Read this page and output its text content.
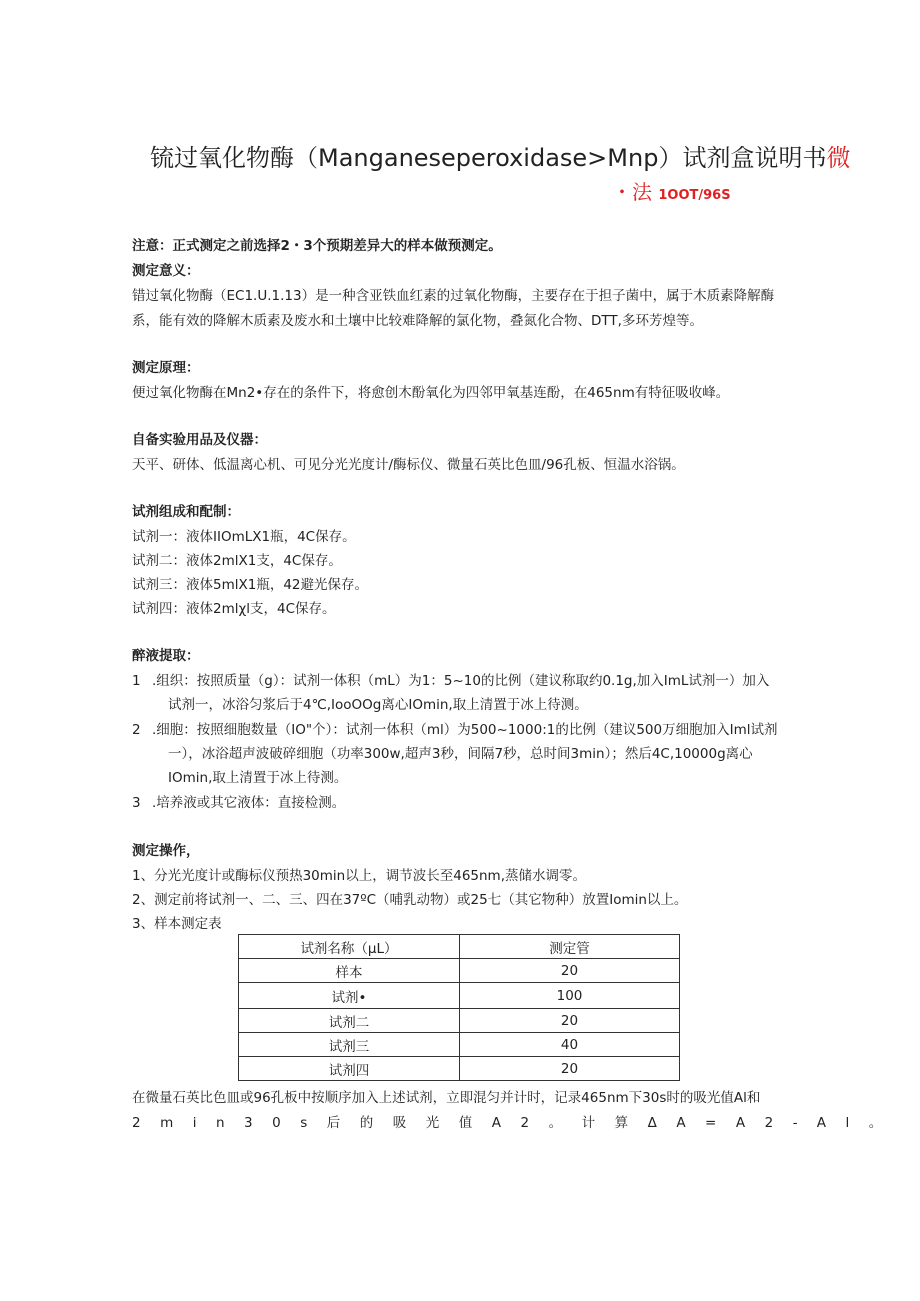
锍过氧化物酶（Manganeseperoxidase>Mnp）试剂盒说明书微
・法 1OOT/96S
注意：正式测定之前选择2・3个预期差异大的样本做预测定。
测定意义：
错过氧化物酶（EC1.U.1.13）是一种含亚铁血红素的过氧化物酶，主要存在于担子菌中，属于木质素降解酶
系，能有效的降解木质素及废水和土壤中比较难降解的氯化物，叠氮化合物、DTT,多环芳煌等。
测定原理：
便过氧化物酶在Mn2•存在的条件下，将愈创木酚氧化为四邻甲氧基连酚，在465nm有特征吸收峰。
自备实验用品及仪器：
天平、研体、低温离心机、可见分光光度计/酶标仪、微量石英比色皿/96孔板、恒温水浴锅。
试剂组成和配制：
试剂一：液体IIOmLX1瓶，4C保存。
试剂二：液体2mlX1支，4C保存。
试剂三：液体5mlX1瓶，42避光保存。
试剂四：液体2mlχl支，4C保存。
醉液提取：
1 .组织：按照质量（g）：试剂一体积（mL）为1：5~10的比例（建议称取约0.1g,加入ImL试剂一）加入
试剂一，冰浴匀浆后于4℃,IooOOg离心IOmin,取上清置于冰上待测。
2 .细胞：按照细胞数量（IO"个）：试剂一体积（ml）为500~1000:1的比例（建议500万细胞加入Iml试剂
一），冰浴超声波破碎细胞（功率300w,超声3秒，间隔7秒，总时间3min）；然后4C,10000g离心
IOmin,取上清置于冰上待测。
3 .培养液或其它液体：直接检测。
测定操作，
1、分光光度计或酶标仪预热30min以上，调节波长至465nm,蒸储水调零。
2、测定前将试剂一、二、三、四在37ºC（哺乳动物）或25七（其它物种）放置Iomin以上。
3、样本测定表
试剂名称（μL）	测定管
样本	20
试剂•	100
试剂二	20
试剂三	40
试剂四	20
在微量石英比色皿或96孔板中按顺序加入上述试剂，立即混匀并计时，记录465nm下30s时的吸光值Al和
2min30s后的吸光值A2。计算ΔA=A2-Al。
